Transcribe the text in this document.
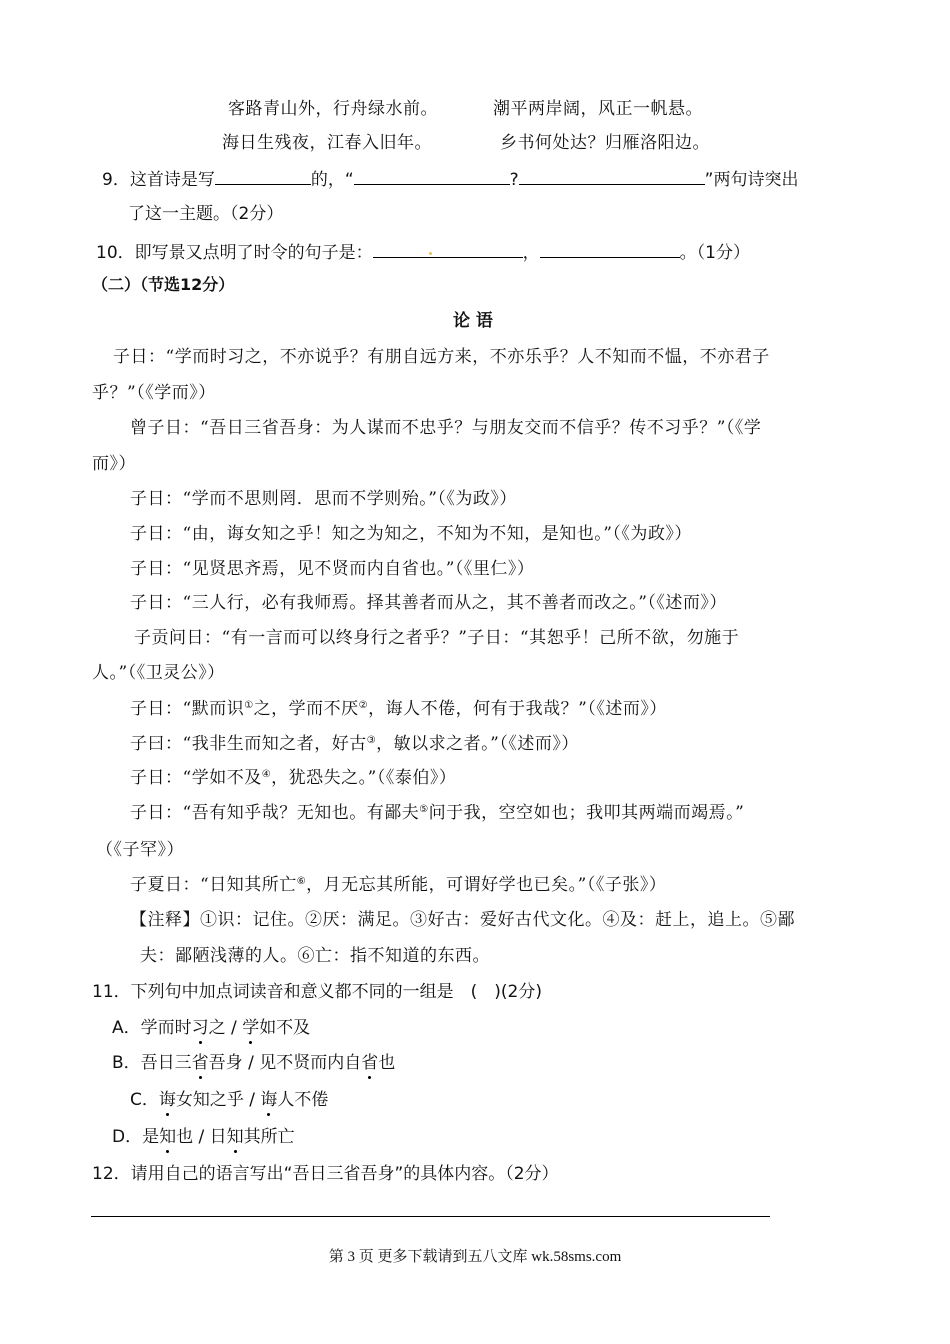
客路青山外，行舟绿水前。	潮平两岸阔，风正一帆悬。
海日生残夜，江春入旧年。	乡书何处达？归雁洛阳边。
9．这首诗是写	的，“	?	”两句诗突出
了这一主题。（2分）
10．即写景又点明了时令的句子是：	，	。（1分）
（二）（节选12分）
论 语
子日：“学而时习之，不亦说乎？有朋自远方来，不亦乐乎？人不知而不愠，不亦君子
乎？”（《学而》）
曾子日：“吾日三省吾身：为人谋而不忠乎？与朋友交而不信乎？传不习乎？”（《学
而》）
子日：“学而不思则罔．思而不学则殆。”（《为政》）
子日：“由，诲女知之乎！知之为知之，不知为不知，是知也。”（《为政》）
子日：“见贤思齐焉，见不贤而内自省也。”（《里仁》）
子日：“三人行，必有我师焉。择其善者而从之，其不善者而改之。”（《述而》）
子贡问日：“有一言而可以终身行之者乎？”子日：“其恕乎！己所不欲，勿施于
人。”（《卫灵公》）
子日：“默而识①之，学而不厌②，诲人不倦，何有于我哉？”（《述而》）
子曰：“我非生而知之者，好古③，敏以求之者。”（《述而》）
子日：“学如不及④，犹恐失之。”（《泰伯》）
子日：“吾有知乎哉？无知也。有鄙夫⑤问于我，空空如也；我叩其两端而竭焉。”
（《子罕》）
子夏日：“日知其所亡⑥，月无忘其所能，可谓好学也已矣。”（《子张》）
【注释】①识：记住。②厌：满足。③好古：爱好古代文化。④及：赶上，追上。⑤鄙
夫：鄙陋浅薄的人。⑥亡：指不知道的东西。
11．下列句中加点词读音和意义都不同的一组是　(　)(2分)
A．学而时习之 / 学如不及
B．吾日三省吾身 / 见不贤而内自省也
C．诲女知之乎 / 诲人不倦
D．是知也 / 日知其所亡
12．请用自己的语言写出“吾日三省吾身”的具体内容。（2分）
第 3 页 更多下载请到五八文库 wk.58sms.com
